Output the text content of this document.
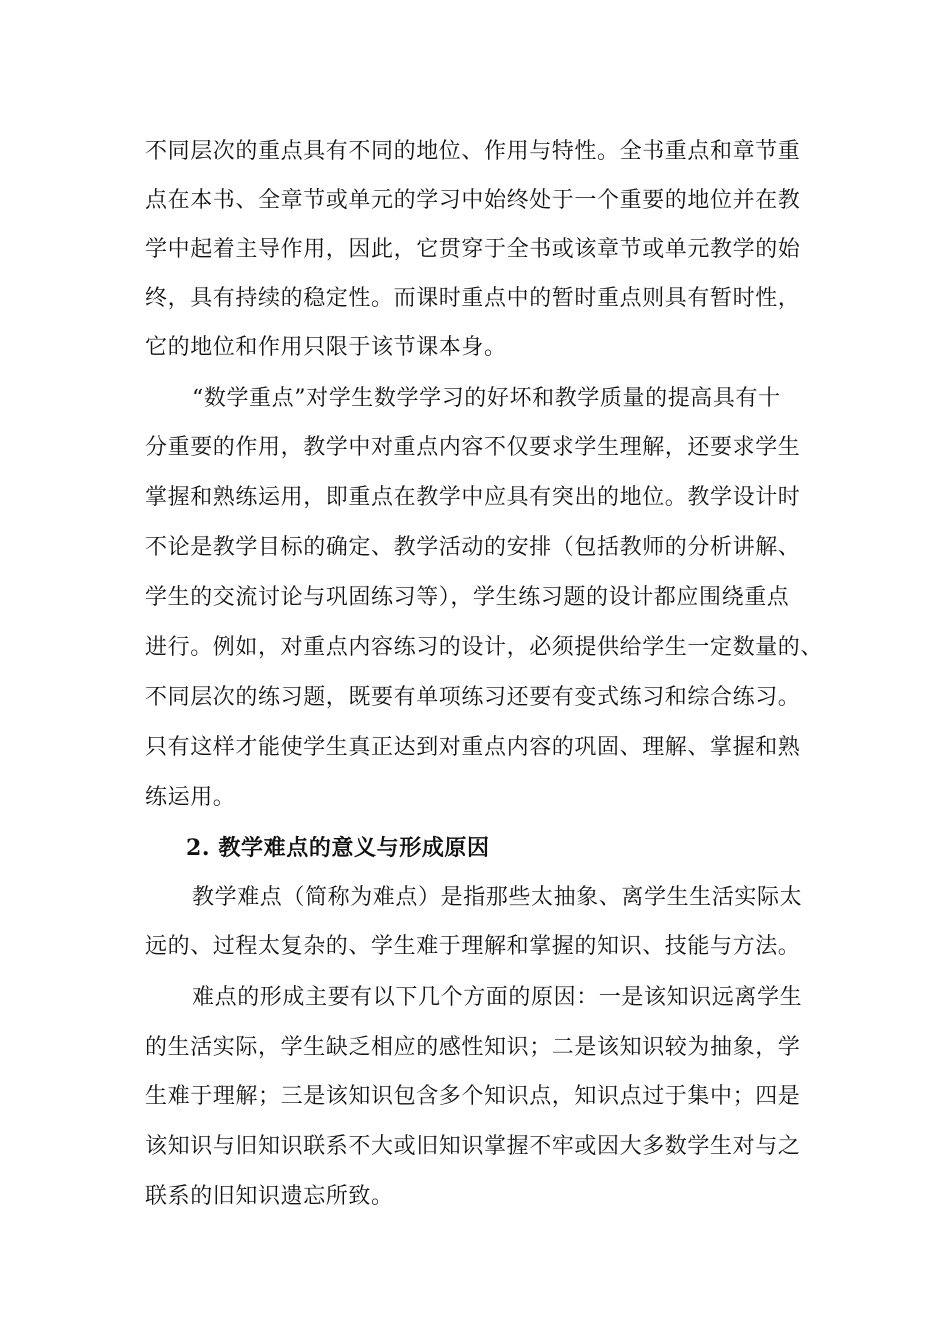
不同层次的重点具有不同的地位、作用与特性。全书重点和章节重
点在本书、全章节或单元的学习中始终处于一个重要的地位并在教
学中起着主导作用，因此，它贯穿于全书或该章节或单元教学的始
终，具有持续的稳定性。而课时重点中的暂时重点则具有暂时性，
它的地位和作用只限于该节课本身。
“数学重点”对学生数学学习的好坏和教学质量的提高具有十
分重要的作用，教学中对重点内容不仅要求学生理解，还要求学生
掌握和熟练运用，即重点在教学中应具有突出的地位。教学设计时
不论是教学目标的确定、教学活动的安排（包括教师的分析讲解、
学生的交流讨论与巩固练习等），学生练习题的设计都应围绕重点
进行。例如，对重点内容练习的设计，必须提供给学生一定数量的、
不同层次的练习题，既要有单项练习还要有变式练习和综合练习。
只有这样才能使学生真正达到对重点内容的巩固、理解、掌握和熟
练运用。
2. 教学难点的意义与形成原因
教学难点（简称为难点）是指那些太抽象、离学生生活实际太
远的、过程太复杂的、学生难于理解和掌握的知识、技能与方法。
难点的形成主要有以下几个方面的原因：一是该知识远离学生
的生活实际，学生缺乏相应的感性知识；二是该知识较为抽象，学
生难于理解；三是该知识包含多个知识点，知识点过于集中；四是
该知识与旧知识联系不大或旧知识掌握不牢或因大多数学生对与之
联系的旧知识遗忘所致。
